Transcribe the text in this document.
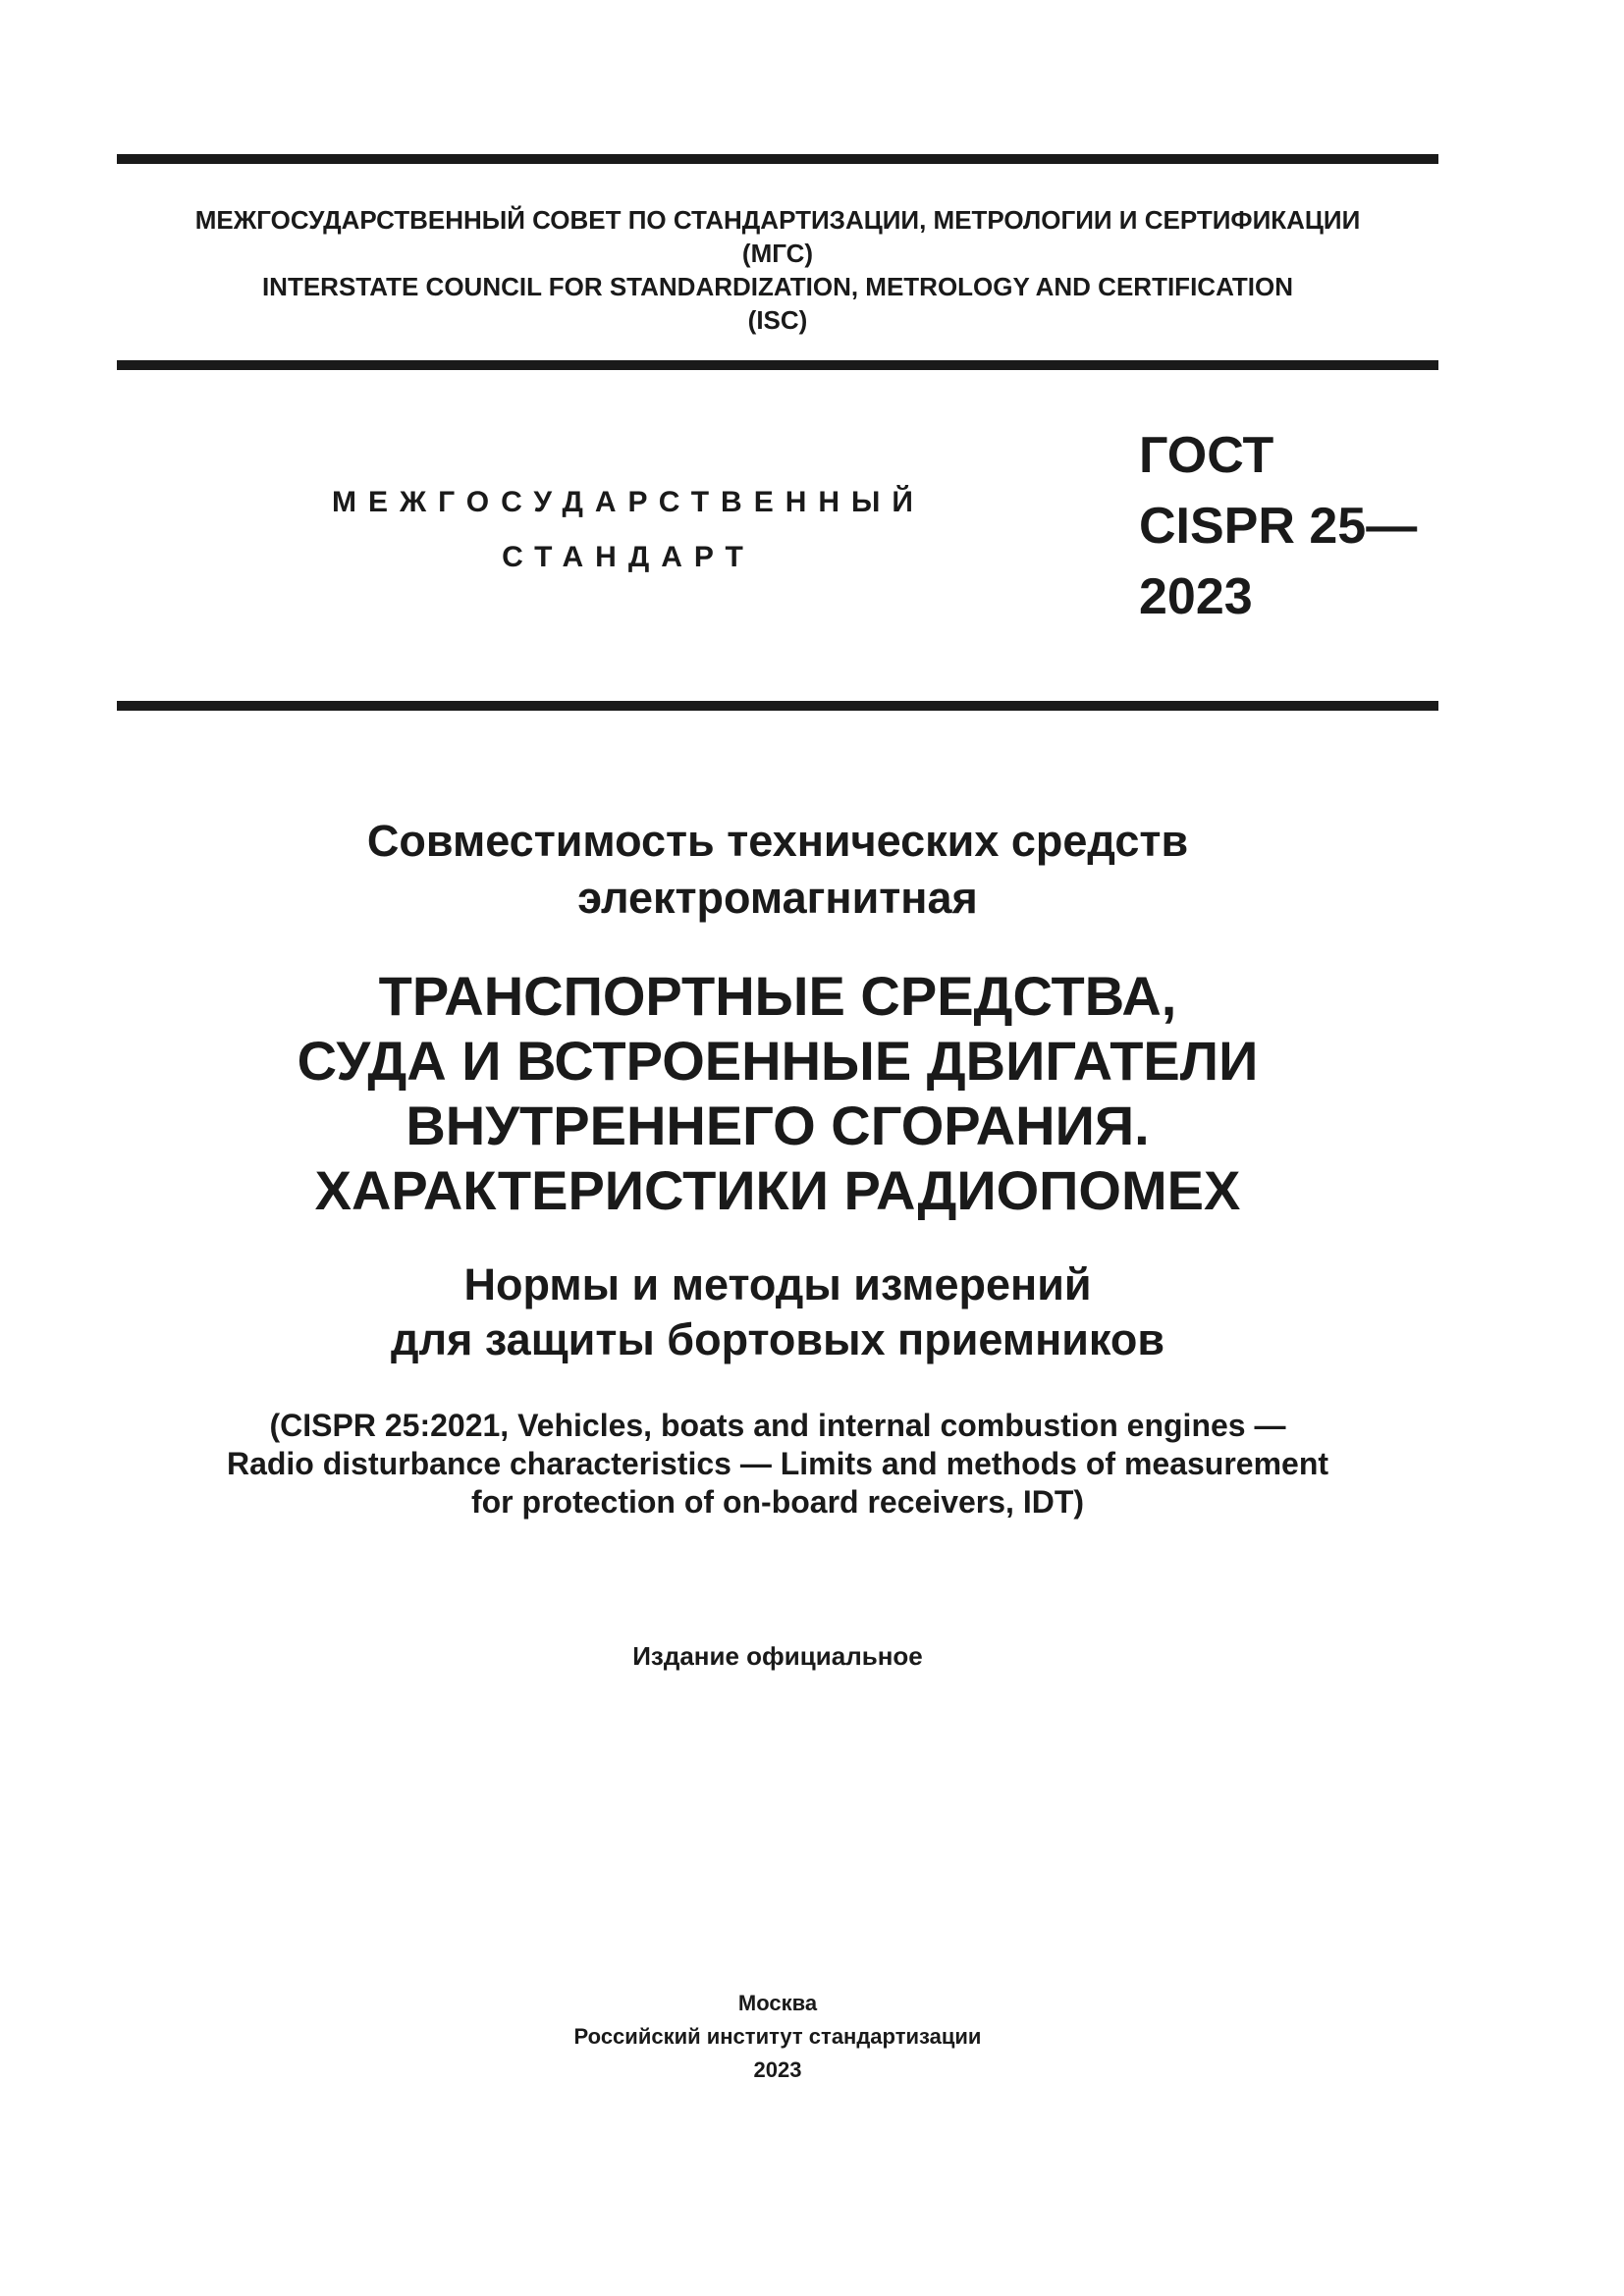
МЕЖГОСУДАРСТВЕННЫЙ СОВЕТ ПО СТАНДАРТИЗАЦИИ, МЕТРОЛОГИИ И СЕРТИФИКАЦИИ
(МГС)
INTERSTATE COUNCIL FOR STANDARDIZATION, METROLOGY AND CERTIFICATION
(ISC)
МЕЖГОСУДАРСТВЕННЫЙ
СТАНДАРТ
ГОСТ
CISPR 25—
2023
Совместимость технических средств
электромагнитная
ТРАНСПОРТНЫЕ СРЕДСТВА,
СУДА И ВСТРОЕННЫЕ ДВИГАТЕЛИ
ВНУТРЕННЕГО СГОРАНИЯ.
ХАРАКТЕРИСТИКИ РАДИОПОМЕХ
Нормы и методы измерений
для защиты бортовых приемников
(CISPR 25:2021, Vehicles, boats and internal combustion engines —
Radio disturbance characteristics — Limits and methods of measurement
for protection of on-board receivers, IDT)
Издание официальное
Москва
Российский институт стандартизации
2023
